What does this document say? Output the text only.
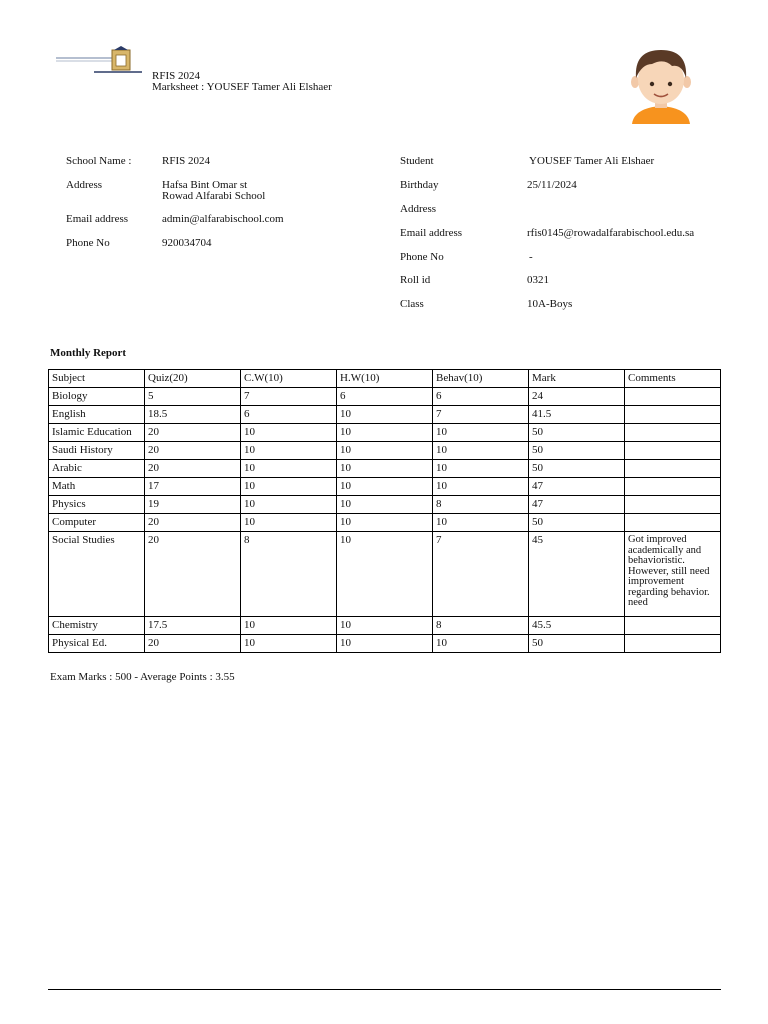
RFIS 2024
Marksheet : YOUSEF Tamer Ali Elshaer
School Name :	RFIS 2024
Address	Hafsa Bint Omar st
Rowad Alfarabi School
Email address	admin@alfarabischool.com
Phone No	920034704
Student	YOUSEF Tamer Ali Elshaer
Birthday	25/11/2024
Address
Email address	rfis0145@rowadalfarabischool.edu.sa
Phone No	-
Roll id	0321
Class	10A-Boys
Monthly Report
Subject	Quiz(20)	C.W(10)	H.W(10)	Behav(10)	Mark	Comments
Biology	5	7	6	6	24	
English	18.5	6	10	7	41.5	
Islamic Education	20	10	10	10	50	
Saudi History	20	10	10	10	50	
Arabic	20	10	10	10	50	
Math	17	10	10	10	47	
Physics	19	10	10	8	47	
Computer	20	10	10	10	50	
Social Studies	20	8	10	7	45	Got improved academically and behavioristic. However, still need improvement regarding behavior. need
Chemistry	17.5	10	10	8	45.5	
Physical Ed.	20	10	10	10	50	
Exam Marks : 500 - Average Points : 3.55
